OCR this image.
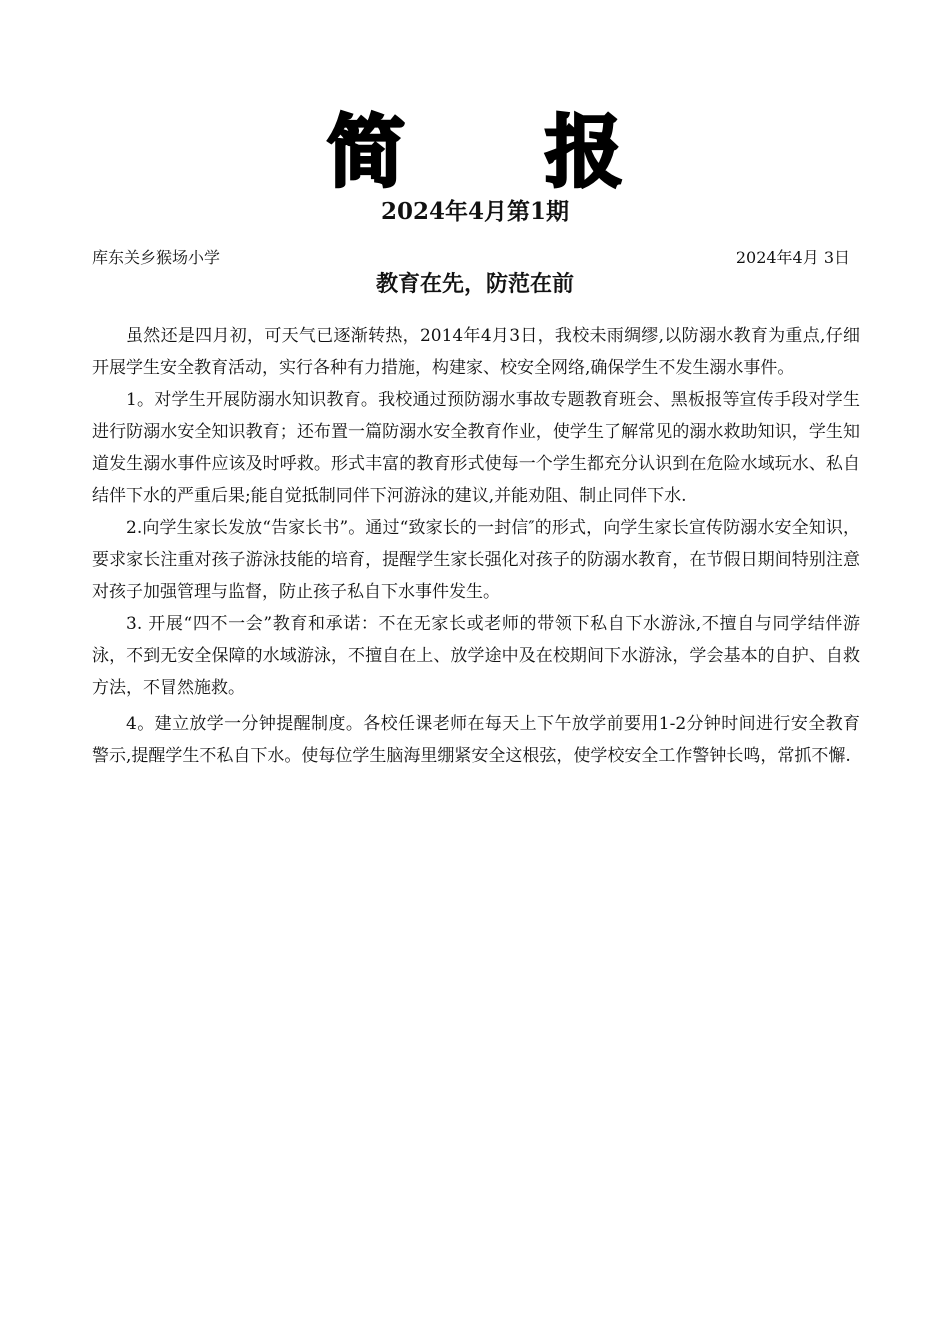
简 报
2024年4月第1期
库东关乡猴场小学	2024年4月 3日
教育在先，防范在前

虽然还是四月初，可天气已逐渐转热，2014年4月3日，我校未雨绸缪,以防溺水教育为重点,仔细开展学生安全教育活动，实行各种有力措施，构建家、校安全网络,确保学生不发生溺水事件。

1。对学生开展防溺水知识教育。我校通过预防溺水事故专题教育班会、黑板报等宣传手段对学生进行防溺水安全知识教育；还布置一篇防溺水安全教育作业，使学生了解常见的溺水救助知识，学生知道发生溺水事件应该及时呼救。形式丰富的教育形式使每一个学生都充分认识到在危险水域玩水、私自结伴下水的严重后果;能自觉抵制同伴下河游泳的建议,并能劝阻、制止同伴下水.

2.向学生家长发放“告家长书”。通过“致家长的一封信″的形式，向学生家长宣传防溺水安全知识，要求家长注重对孩子游泳技能的培育，提醒学生家长强化对孩子的防溺水教育，在节假日期间特别注意对孩子加强管理与监督，防止孩子私自下水事件发生。

3. 开展“四不一会”教育和承诺：不在无家长或老师的带领下私自下水游泳,不擅自与同学结伴游泳，不到无安全保障的水域游泳，不擅自在上、放学途中及在校期间下水游泳，学会基本的自护、自救方法，不冒然施救。

4。建立放学一分钟提醒制度。各校任课老师在每天上下午放学前要用1-2分钟时间进行安全教育警示,提醒学生不私自下水。使每位学生脑海里绷紧安全这根弦，使学校安全工作警钟长鸣，常抓不懈.
